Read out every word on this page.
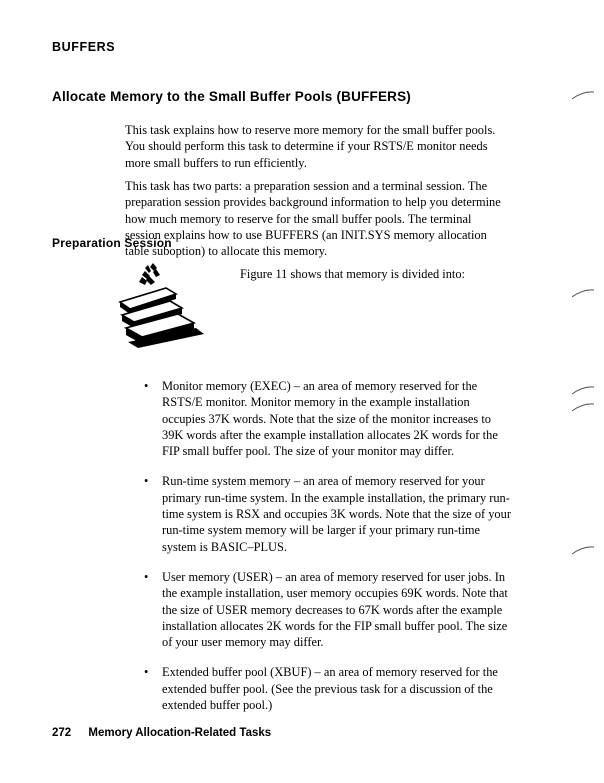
BUFFERS
Allocate Memory to the Small Buffer Pools (BUFFERS)
This task explains how to reserve more memory for the small buffer pools. You should perform this task to determine if your RSTS/E monitor needs more small buffers to run efficiently.
This task has two parts: a preparation session and a terminal session. The preparation session provides background information to help you determine how much memory to reserve for the small buffer pools. The terminal session explains how to use BUFFERS (an INIT.SYS memory allocation table suboption) to allocate this memory.
Preparation Session
Figure 11 shows that memory is divided into:
• Monitor memory (EXEC) – an area of memory reserved for the RSTS/E monitor. Monitor memory in the example installation occupies 37K words. Note that the size of the monitor increases to 39K words after the example installation allocates 2K words for the FIP small buffer pool. The size of your monitor may differ.
• Run-time system memory – an area of memory reserved for your primary run-time system. In the example installation, the primary run-time system is RSX and occupies 3K words. Note that the size of your run-time system memory will be larger if your primary run-time system is BASIC–PLUS.
• User memory (USER) – an area of memory reserved for user jobs. In the example installation, user memory occupies 69K words. Note that the size of USER memory decreases to 67K words after the example installation allocates 2K words for the FIP small buffer pool. The size of your user memory may differ.
• Extended buffer pool (XBUF) – an area of memory reserved for the extended buffer pool. (See the previous task for a discussion of the extended buffer pool.)
272 Memory Allocation-Related Tasks
